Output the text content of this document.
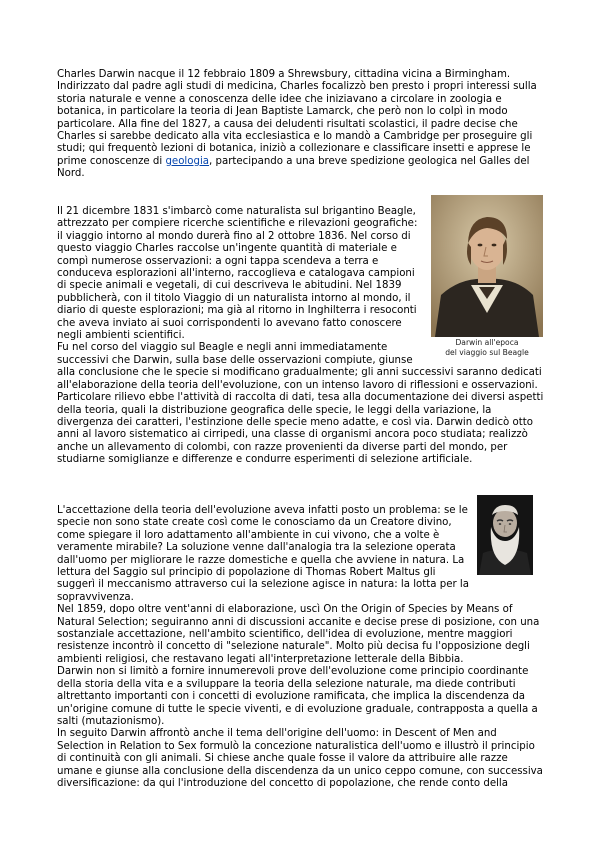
Charles Darwin nacque il 12 febbraio 1809 a Shrewsbury, cittadina vicina a Birmingham. Indirizzato dal padre agli studi di medicina, Charles focalizzò ben presto i propri interessi sulla storia naturale e venne a conoscenza delle idee che iniziavano a circolare in zoologia e botanica, in particolare la teoria di Jean Baptiste Lamarck, che però non lo colpì in modo particolare. Alla fine del 1827, a causa dei deludenti risultati scolastici, il padre decise che Charles si sarebbe dedicato alla vita ecclesiastica e lo mandò a Cambridge per proseguire gli studi; qui frequentò lezioni di botanica, iniziò a collezionare e classificare insetti e apprese le prime conoscenze di geologia, partecipando a una breve spedizione geologica nel Galles del Nord.

Darwin all'epoca
del viaggio sul Beagle

Il 21 dicembre 1831 s'imbarcò come naturalista sul brigantino Beagle, attrezzato per compiere ricerche scientifiche e rilevazioni geografiche: il viaggio intorno al mondo durerà fino al 2 ottobre 1836. Nel corso di questo viaggio Charles raccolse un'ingente quantità di materiale e compì numerose osservazioni: a ogni tappa scendeva a terra e conduceva esplorazioni all'interno, raccoglieva e catalogava campioni di specie animali e vegetali, di cui descriveva le abitudini. Nel 1839 pubblicherà, con il titolo Viaggio di un naturalista intorno al mondo, il diario di queste esplorazioni; ma già al ritorno in Inghilterra i resoconti che aveva inviato ai suoi corrispondenti lo avevano fatto conoscere negli ambienti scientifici.

Fu nel corso del viaggio sul Beagle e negli anni immediatamente successivi che Darwin, sulla base delle osservazioni compiute, giunse alla conclusione che le specie si modificano gradualmente; gli anni successivi saranno dedicati all'elaborazione della teoria dell'evoluzione, con un intenso lavoro di riflessioni e osservazioni. Particolare rilievo ebbe l'attività di raccolta di dati, tesa alla documentazione dei diversi aspetti della teoria, quali la distribuzione geografica delle specie, le leggi della variazione, la divergenza dei caratteri, l'estinzione delle specie meno adatte, e così via. Darwin dedicò otto anni al lavoro sistematico ai cirripedi, una classe di organismi ancora poco studiata; realizzò anche un allevamento di colombi, con razze provenienti da diverse parti del mondo, per studiarne somiglianze e differenze e condurre esperimenti di selezione artificiale.

L'accettazione della teoria dell'evoluzione aveva infatti posto un problema: se le specie non sono state create così come le conosciamo da un Creatore divino, come spiegare il loro adattamento all'ambiente in cui vivono, che a volte è veramente mirabile? La soluzione venne dall'analogia tra la selezione operata dall'uomo per migliorare le razze domestiche e quella che avviene in natura. La lettura del Saggio sul principio di popolazione di Thomas Robert Maltus gli suggerì il meccanismo attraverso cui la selezione agisce in natura: la lotta per la sopravvivenza.

Nel 1859, dopo oltre vent'anni di elaborazione, uscì On the Origin of Species by Means of Natural Selection; seguiranno anni di discussioni accanite e decise prese di posizione, con una sostanziale accettazione, nell'ambito scientifico, dell'idea di evoluzione, mentre maggiori resistenze incontrò il concetto di "selezione naturale". Molto più decisa fu l'opposizione degli ambienti religiosi, che restavano legati all'interpretazione letterale della Bibbia.

Darwin non si limitò a fornire innumerevoli prove dell'evoluzione come principio coordinante della storia della vita e a sviluppare la teoria della selezione naturale, ma diede contributi altrettanto importanti con i concetti di evoluzione ramificata, che implica la discendenza da un'origine comune di tutte le specie viventi, e di evoluzione graduale, contrapposta a quella a salti (mutazionismo).

In seguito Darwin affrontò anche il tema dell'origine dell'uomo: in Descent of Men and Selection in Relation to Sex formulò la concezione naturalistica dell'uomo e illustrò il principio di continuità con gli animali. Si chiese anche quale fosse il valore da attribuire alle razze umane e giunse alla conclusione della discendenza da un unico ceppo comune, con successiva diversificazione: da qui l'introduzione del concetto di popolazione, che rende conto della
